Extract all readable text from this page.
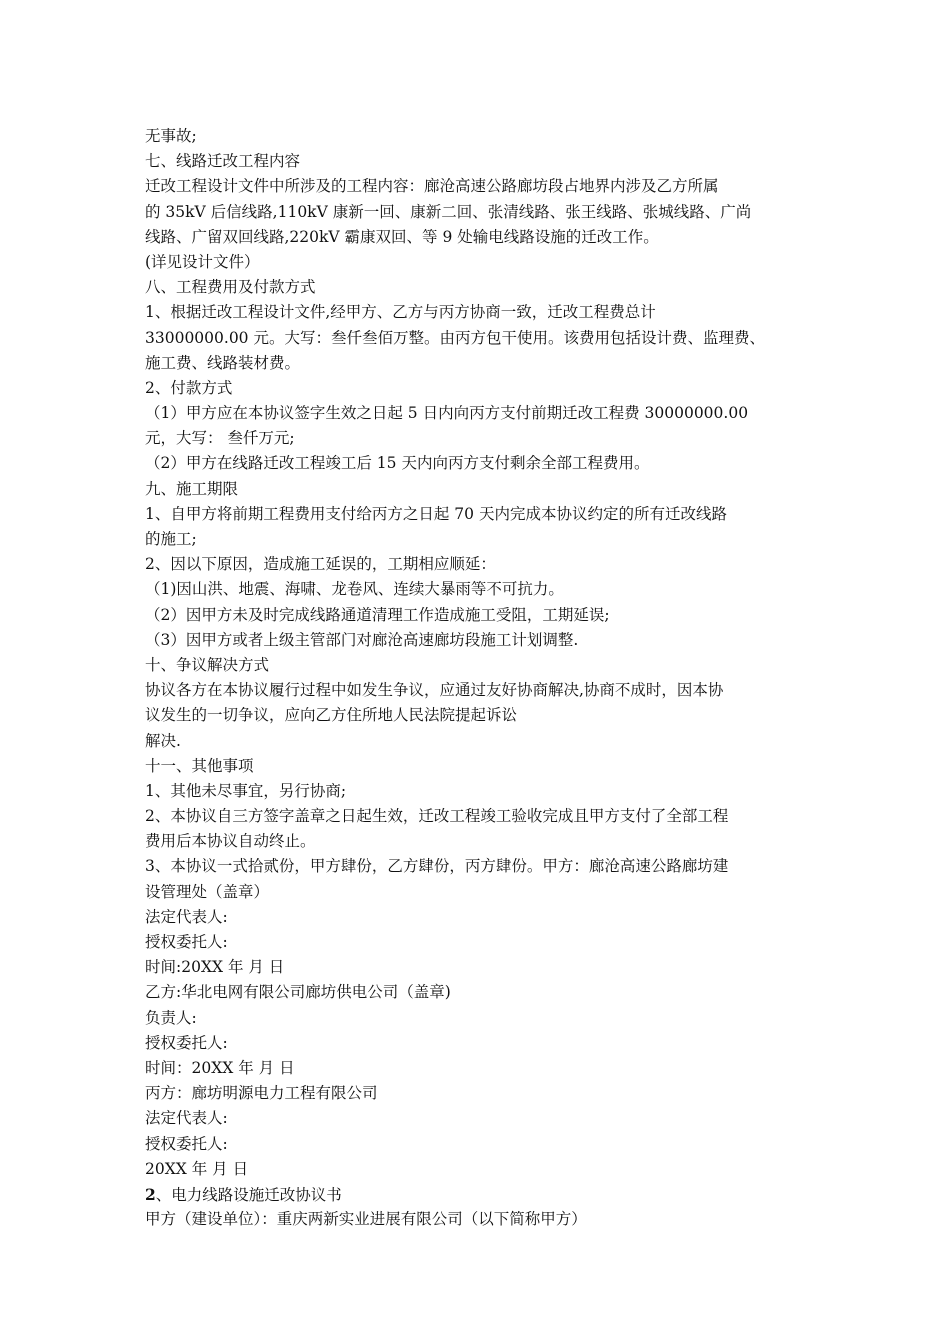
无事故;
七、线路迁改工程内容
迁改工程设计文件中所涉及的工程内容：廊沧高速公路廊坊段占地界内涉及乙方所属
的 35kV 后信线路,110kV 康新一回、康新二回、张清线路、张王线路、张城线路、广尚
线路、广留双回线路,220kV 霸康双回、等 9 处输电线路设施的迁改工作。
(详见设计文件）
八、工程费用及付款方式
1、根据迁改工程设计文件,经甲方、乙方与丙方协商一致，迁改工程费总计
33000000.00 元。大写：叁仟叁佰万整。由丙方包干使用。该费用包括设计费、监理费、
施工费、线路装材费。
2、付款方式
（1）甲方应在本协议签字生效之日起 5 日内向丙方支付前期迁改工程费 30000000.00
元，大写： 叁仟万元;
（2）甲方在线路迁改工程竣工后 15 天内向丙方支付剩余全部工程费用。
九、施工期限
1、自甲方将前期工程费用支付给丙方之日起 70 天内完成本协议约定的所有迁改线路
的施工;
2、因以下原因，造成施工延误的，工期相应顺延：
（1)因山洪、地震、海啸、龙卷风、连续大暴雨等不可抗力。
（2）因甲方未及时完成线路通道清理工作造成施工受阻，工期延误;
（3）因甲方或者上级主管部门对廊沧高速廊坊段施工计划调整.
十、争议解决方式
协议各方在本协议履行过程中如发生争议，应通过友好协商解决,协商不成时，因本协
议发生的一切争议，应向乙方住所地人民法院提起诉讼
解决.
十一、其他事项
1、其他未尽事宜，另行协商;
2、本协议自三方签字盖章之日起生效，迁改工程竣工验收完成且甲方支付了全部工程
费用后本协议自动终止。
3、本协议一式拾贰份，甲方肆份，乙方肆份，丙方肆份。甲方：廊沧高速公路廊坊建
设管理处（盖章）
法定代表人:
授权委托人:
时间:20XX 年 月 日
乙方:华北电网有限公司廊坊供电公司（盖章)
负责人:
授权委托人:
时间：20XX 年 月 日
丙方：廊坊明源电力工程有限公司
法定代表人:
授权委托人:
20XX 年 月 日
2、电力线路设施迁改协议书
甲方（建设单位）：重庆两新实业进展有限公司（以下简称甲方）
